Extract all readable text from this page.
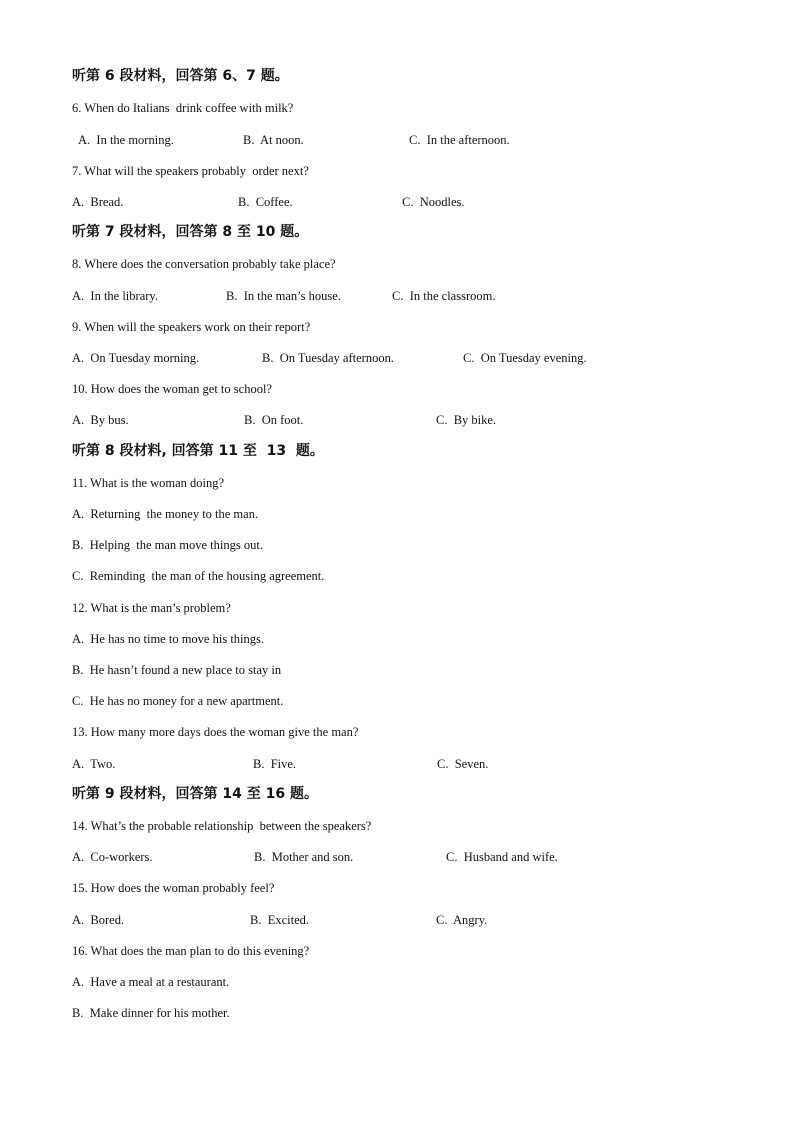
听第 6 段材料，回答第 6、7 题。
6. When do Italians  drink coffee with milk?
A.  In the morning.	B.  At noon.	C.  In the afternoon.
7. What will the speakers probably  order next?
A.  Bread.	B.  Coffee.	C.  Noodles.
听第 7 段材料，回答第 8 至 10 题。
8. Where does the conversation probably take place?
A.  In the library.	B.  In the man’s house.	C.  In the classroom.
9. When will the speakers work on their report?
A.  On Tuesday morning.	B.  On Tuesday afternoon.	C.  On Tuesday evening.
10. How does the woman get to school?
A.  By bus.	B.  On foot.	C.  By bike.
听第 8 段材料, 回答第 11 至  13  题。
11. What is the woman doing?
A.  Returning  the money to the man.
B.  Helping  the man move things out.
C.  Reminding  the man of the housing agreement.
12. What is the man’s problem?
A.  He has no time to move his things.
B.  He hasn’t found a new place to stay in
C.  He has no money for a new apartment.
13. How many more days does the woman give the man?
A.  Two.	B.  Five.	C.  Seven.
听第 9 段材料，回答第 14 至 16 题。
14. What’s the probable relationship  between the speakers?
A.  Co-workers.	B.  Mother and son.	C.  Husband and wife.
15. How does the woman probably feel?
A.  Bored.	B.  Excited.	C.  Angry.
16. What does the man plan to do this evening?
A.  Have a meal at a restaurant.
B.  Make dinner for his mother.
